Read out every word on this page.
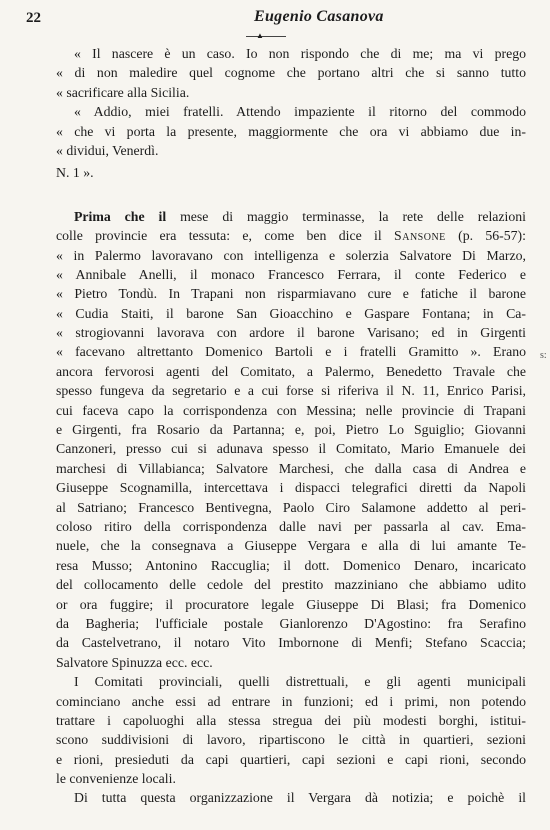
22	Eugenio Casanova
▲
« Il nascere è un caso. Io non rispondo che di me; ma vi prego
« di non maledire quel cognome che portano altri che si sanno tutto
« sacrificare alla Sicilia.
« Addio, miei fratelli. Attendo impaziente il ritorno del commodo
« che vi porta la presente, maggiormente che ora vi abbiamo due in-
« dividui, Venerdì.
N. 1 ».
Prima che il mese di maggio terminasse, la rete delle relazioni
colle provincie era tessuta: e, come ben dice il Sansone (p. 56-57):
« in Palermo lavoravano con intelligenza e solerzia Salvatore Di Marzo,
« Annibale Anelli, il monaco Francesco Ferrara, il conte Federico e
« Pietro Tondù. In Trapani non risparmiavano cure e fatiche il barone
« Cudia Staiti, il barone San Gioacchino e Gaspare Fontana; in Ca-
« strogiovanni lavorava con ardore il barone Varisano; ed in Girgenti
« facevano altrettanto Domenico Bartoli e i fratelli Gramitto ». Erano
ancora fervorosi agenti del Comitato, a Palermo, Benedetto Travale che
spesso fungeva da segretario e a cui forse si riferiva il N. 11, Enrico Parisi,
cui faceva capo la corrispondenza con Messina; nelle provincie di Trapani
e Girgenti, fra Rosario da Partanna; e, poi, Pietro Lo Sguiglio; Giovanni
Canzoneri, presso cui si adunava spesso il Comitato, Mario Emanuele dei
marchesi di Villabianca; Salvatore Marchesi, che dalla casa di Andrea e
Giuseppe Scognamilla, intercettava i dispacci telegrafici diretti da Napoli
al Satriano; Francesco Bentivegna, Paolo Ciro Salamone addetto al peri-
coloso ritiro della corrispondenza dalle navi per passarla al cav. Ema-
nuele, che la consegnava a Giuseppe Vergara e alla di lui amante Te-
resa Musso; Antonino Raccuglia; il dott. Domenico Denaro, incaricato
del collocamento delle cedole del prestito mazziniano che abbiamo udito
or ora fuggire; il procuratore legale Giuseppe Di Blasi; fra Domenico
da Bagheria; l'ufficiale postale Gianlorenzo D'Agostino: fra Serafino
da Castelvetrano, il notaro Vito Imbornone di Menfi; Stefano Scaccia;
Salvatore Spinuzza ecc. ecc.
I Comitati provinciali, quelli distrettuali, e gli agenti municipali
cominciano anche essi ad entrare in funzioni; ed i primi, non potendo
trattare i capoluoghi alla stessa stregua dei più modesti borghi, istitui-
scono suddivisioni di lavoro, ripartiscono le città in quartieri, sezioni
e rioni, presieduti da capi quartieri, capi sezioni e capi rioni, secondo
le convenienze locali.
Di tutta questa organizzazione il Vergara dà notizia; e poichè il
s:
